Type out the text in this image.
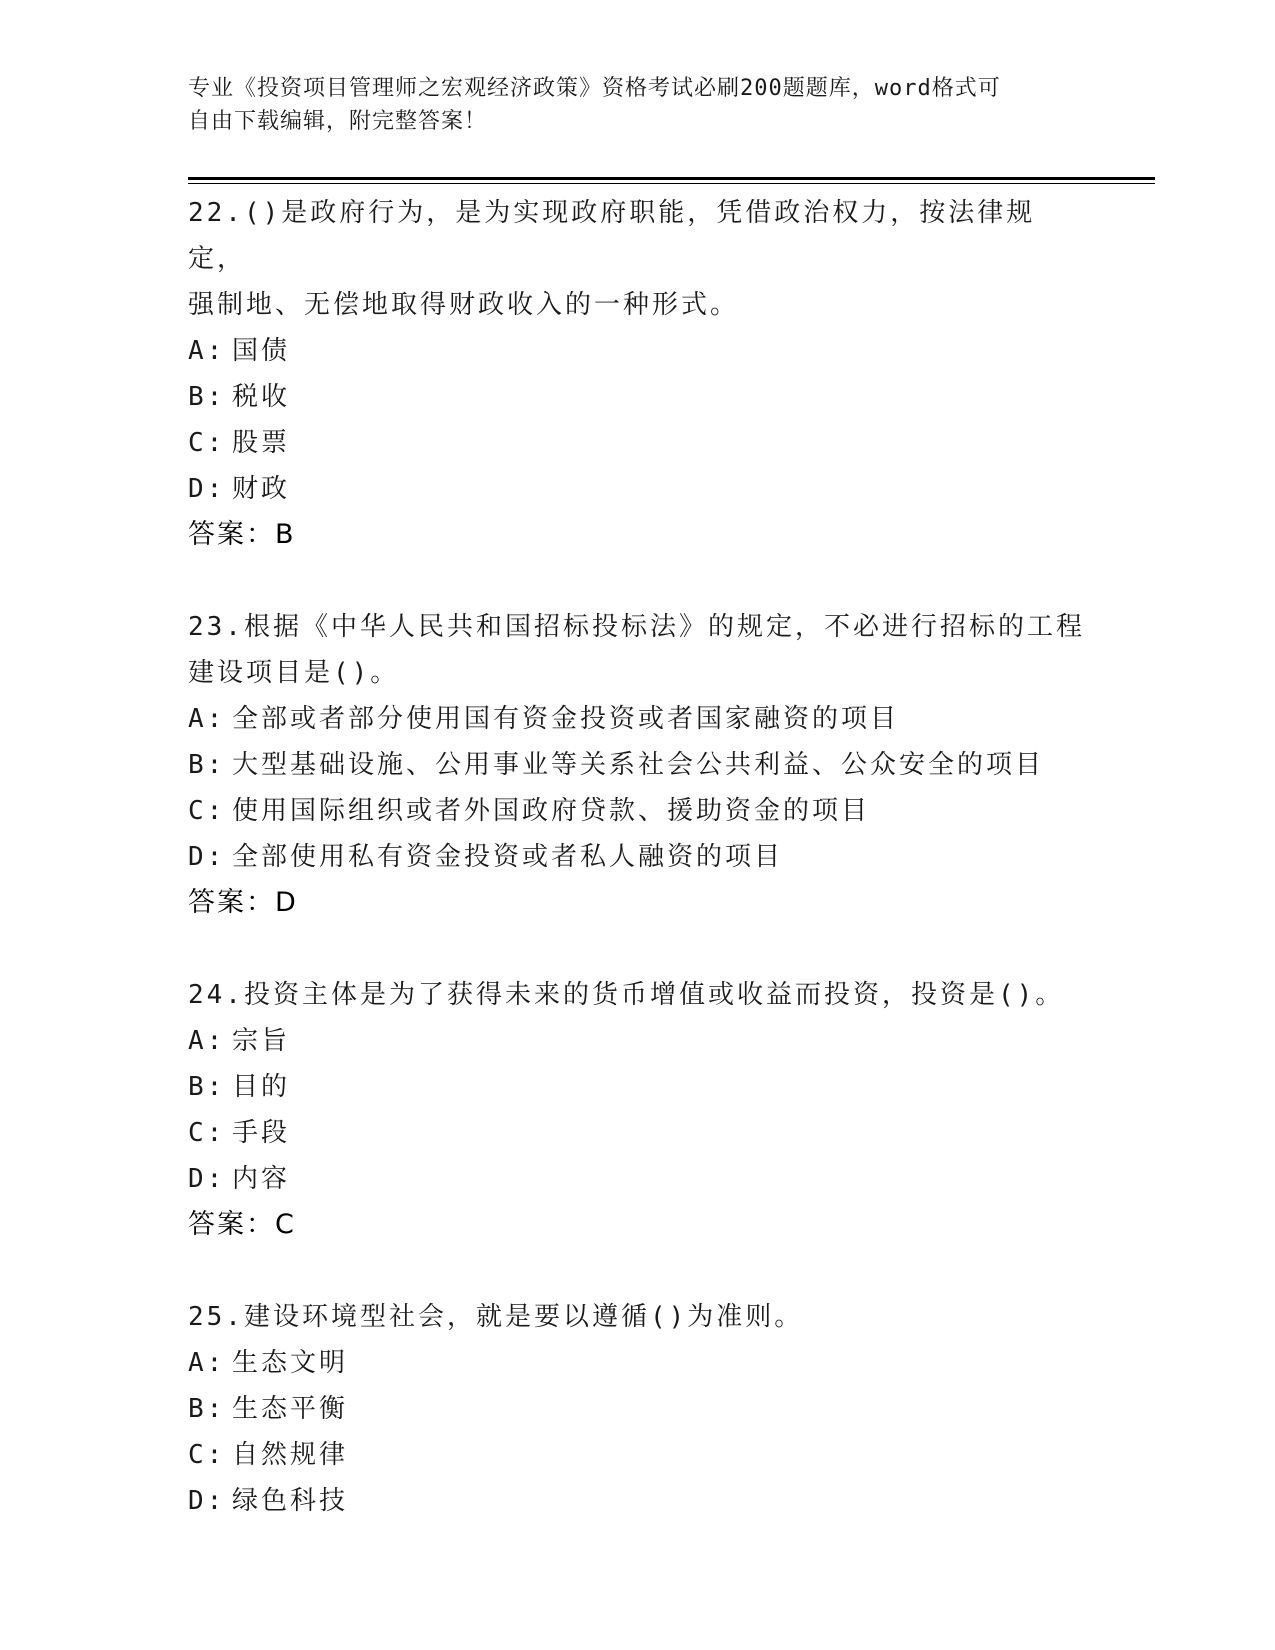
专业《投资项目管理师之宏观经济政策》资格考试必刷200题题库，word格式可
自由下载编辑，附完整答案！

22.()是政府行为，是为实现政府职能，凭借政治权力，按法律规定，
强制地、无偿地取得财政收入的一种形式。

A: 国债

B: 税收

C: 股票

D: 财政

答案：B

23.根据《中华人民共和国招标投标法》的规定，不必进行招标的工程
建设项目是()。

A: 全部或者部分使用国有资金投资或者国家融资的项目

B: 大型基础设施、公用事业等关系社会公共利益、公众安全的项目

C: 使用国际组织或者外国政府贷款、援助资金的项目

D: 全部使用私有资金投资或者私人融资的项目

答案：D

24.投资主体是为了获得未来的货币增值或收益而投资，投资是()。

A: 宗旨

B: 目的

C: 手段

D: 内容

答案：C

25.建设环境型社会，就是要以遵循()为准则。

A: 生态文明

B: 生态平衡

C: 自然规律

D: 绿色科技
